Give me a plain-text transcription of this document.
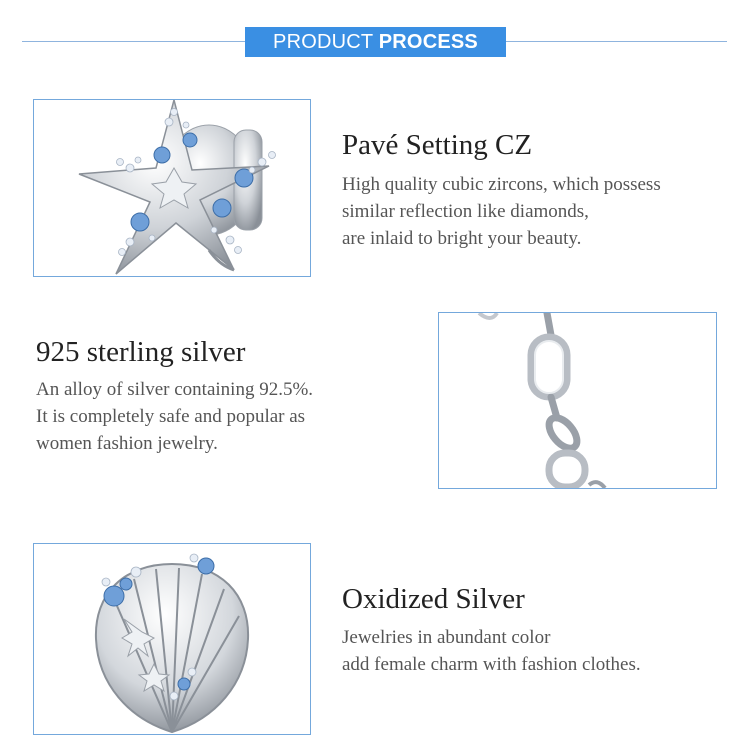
PRODUCT PROCESS
Pavé Setting CZ
High quality cubic zircons, which possess
similar reflection like diamonds,
are inlaid to bright your beauty.
925 sterling silver
An alloy of silver containing 92.5%.
It is completely safe and popular as
women fashion jewelry.
Oxidized Silver
Jewelries in abundant color
add female charm with fashion clothes.
